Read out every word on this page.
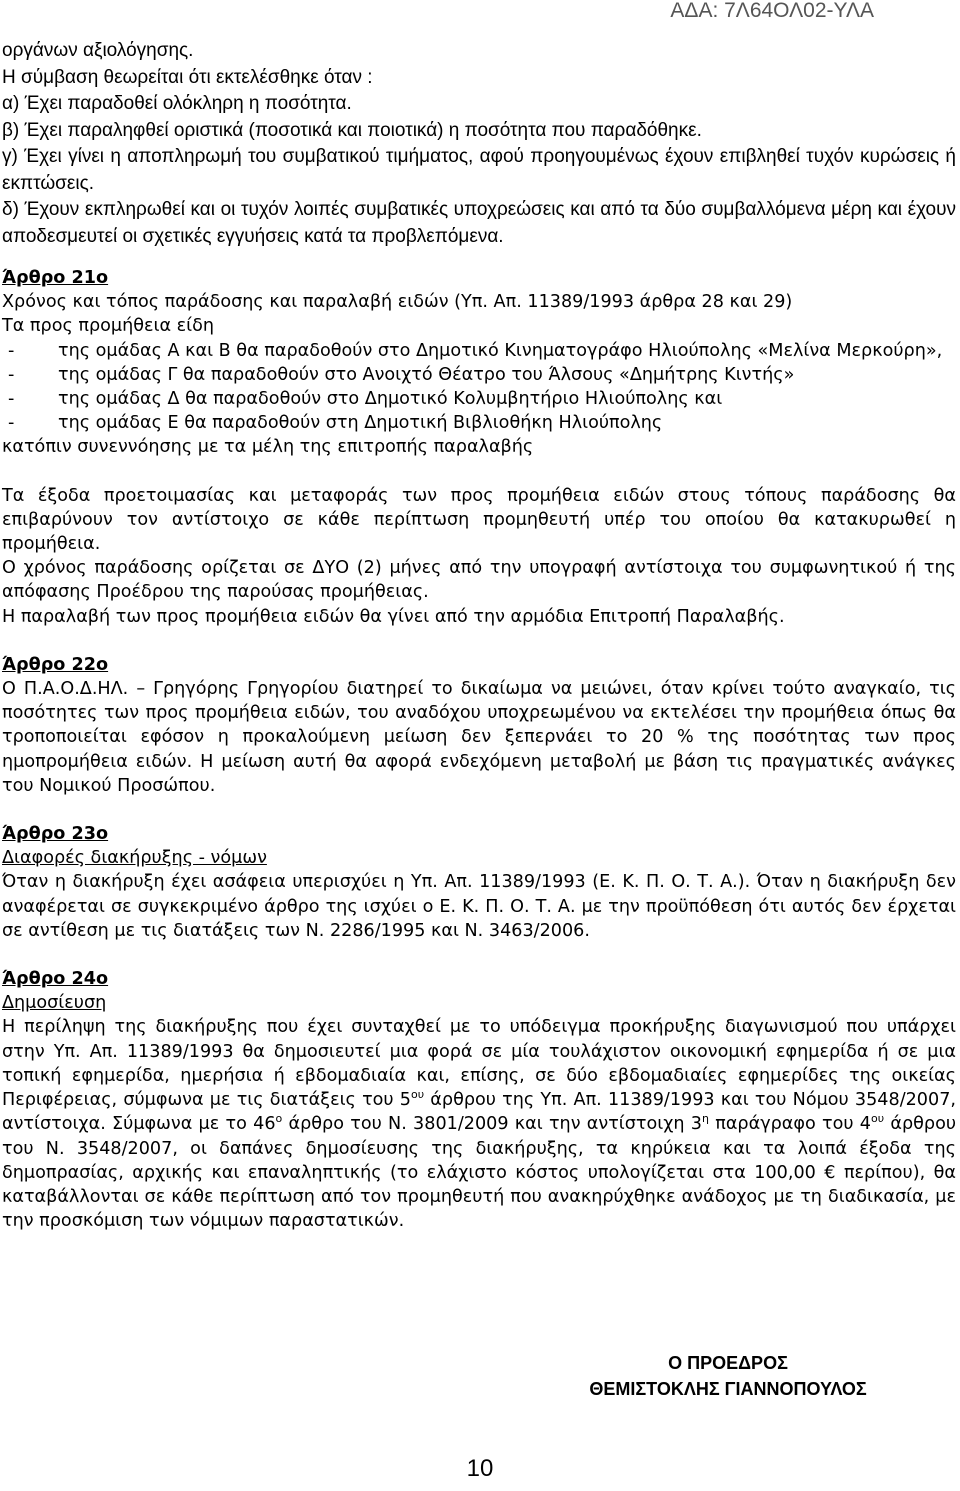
ΑΔΑ: 7Λ64ΟΛ02-ΥΛΑ

οργάνων αξιολόγησης.

Η σύμβαση θεωρείται ότι εκτελέσθηκε όταν :

α) Έχει παραδοθεί ολόκληρη η ποσότητα.

β) Έχει παραληφθεί οριστικά (ποσοτικά και ποιοτικά) η ποσότητα που παραδόθηκε.

γ) Έχει γίνει η αποπληρωμή του συμβατικού τιμήματος, αφού προηγουμένως έχουν επιβληθεί τυχόν κυρώσεις ή εκπτώσεις.

δ) Έχουν εκπληρωθεί και οι τυχόν λοιπές συμβατικές υποχρεώσεις και από τα δύο συμβαλλόμενα μέρη και έχουν αποδεσμευτεί οι σχετικές εγγυήσεις κατά τα προβλεπόμενα.

Άρθρο 21ο

Χρόνος και τόπος παράδοσης και παραλαβή ειδών (Υπ. Απ. 11389/1993 άρθρα 28 και 29)

Τα προς προμήθεια είδη

- της ομάδας Α και Β θα παραδοθούν στο Δημοτικό Κινηματογράφο Ηλιούπολης «Μελίνα Μερκούρη»,
- της ομάδας Γ θα παραδοθούν στο Ανοιχτό Θέατρο του Άλσους «Δημήτρης Κιντής»
- της ομάδας Δ θα παραδοθούν στο Δημοτικό Κολυμβητήριο Ηλιούπολης και
- της ομάδας Ε θα παραδοθούν στη Δημοτική Βιβλιοθήκη Ηλιούπολης

κατόπιν συνεννόησης με τα μέλη της επιτροπής παραλαβής

Τα έξοδα προετοιμασίας και μεταφοράς των προς προμήθεια ειδών στους τόπους παράδοσης θα επιβαρύνουν τον αντίστοιχο σε κάθε περίπτωση προμηθευτή υπέρ του οποίου θα κατακυρωθεί η προμήθεια.

Ο χρόνος παράδοσης ορίζεται σε ΔΥΟ (2) μήνες από την υπογραφή αντίστοιχα του συμφωνητικού ή της απόφασης Προέδρου της παρούσας προμήθειας.

Η παραλαβή των προς προμήθεια ειδών θα γίνει από την αρμόδια Επιτροπή Παραλαβής.

Άρθρο 22ο

Ο Π.Α.Ο.Δ.ΗΛ. – Γρηγόρης Γρηγορίου διατηρεί το δικαίωμα να μειώνει, όταν κρίνει τούτο αναγκαίο, τις ποσότητες των προς προμήθεια ειδών, του αναδόχου υποχρεωμένου να εκτελέσει την προμήθεια όπως θα τροποποιείται εφόσον η προκαλούμενη μείωση δεν ξεπερνάει το 20 % της ποσότητας των προς ημοπρομήθεια ειδών. Η μείωση αυτή θα αφορά ενδεχόμενη μεταβολή με βάση τις πραγματικές ανάγκες του Νομικού Προσώπου.

Άρθρο 23ο

Διαφορές διακήρυξης - νόμων

Όταν η διακήρυξη έχει ασάφεια υπερισχύει η Υπ. Απ. 11389/1993 (Ε. Κ. Π. Ο. Τ. Α.). Όταν η διακήρυξη δεν αναφέρεται σε συγκεκριμένο άρθρο της ισχύει ο Ε. Κ. Π. Ο. Τ. Α. με την προϋπόθεση ότι αυτός δεν έρχεται σε αντίθεση με τις διατάξεις των Ν. 2286/1995 και Ν. 3463/2006.

Άρθρο 24ο

Δημοσίευση

Η περίληψη της διακήρυξης που έχει συνταχθεί με το υπόδειγμα προκήρυξης διαγωνισμού που υπάρχει στην Υπ. Απ. 11389/1993 θα δημοσιευτεί μια φορά σε μία τουλάχιστον οικονομική εφημερίδα ή σε μια τοπική εφημερίδα, ημερήσια ή εβδομαδιαία και, επίσης, σε δύο εβδομαδιαίες εφημερίδες της οικείας Περιφέρειας, σύμφωνα με τις διατάξεις του $5^{o\upsilon}$ άρθρου της Υπ. Απ. 11389/1993 και του Νόμου 3548/2007, αντίστοιχα. Σύμφωνα με το $46^o$ άρθρο του Ν. 3801/2009 και την αντίστοιχη $3^\eta$ παράγραφο του $4^{o\upsilon}$ άρθρου του Ν. 3548/2007, οι δαπάνες δημοσίευσης της διακήρυξης, τα κηρύκεια και τα λοιπά έξοδα της δημοπρασίας, αρχικής και επαναληπτικής (το ελάχιστο κόστος υπολογίζεται στα 100,00 € περίπου), θα καταβάλλονται σε κάθε περίπτωση από τον προμηθευτή που ανακηρύχθηκε ανάδοχος με τη διαδικασία, με την προσκόμιση των νόμιμων παραστατικών.

Ο ΠΡΟΕΔΡΟΣ
ΘΕΜΙΣΤΟΚΛΗΣ ΓΙΑΝΝΟΠΟΥΛΟΣ
10
